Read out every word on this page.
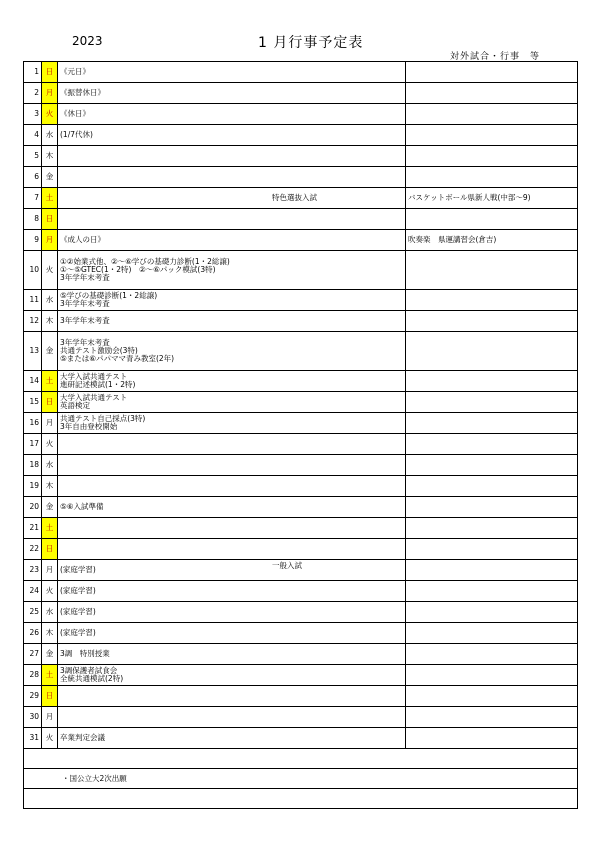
2023	1 月行事予定表
対外試合・行事　等
1	日	《元日》	

2	月	《振替休日》	

3	火	《休日》	

4	水	(1/7代休)	

5	木		
6	金		
7	土	特色選抜入試	バスケットボール県新人戦(中部～9)
8	日		
9	月	《成人の日》	吹奏楽　県運講習会(倉吉)
10	火	①②始業式他、②～⑥学びの基礎力診断(1・2総譲)
①～⑤GTEC(1・2特)　②～⑥パック模試(3特)
3年学年末考査	

11	水	⑤学びの基礎診断(1・2総譲)
3年学年末考査	

12	木	3年学年末考査	

13	金	3年学年末考査
共通テスト激励会(3特)
⑤または⑥パパママ青み教室(2年)	

14	土	大学入試共通テスト
進研記述模試(1・2特)	

15	日	大学入試共通テスト
英語検定	

16	月	共通テスト自己採点(3特)
3年自由登校開始	

17	火		
18	水		
19	木		
20	金	⑤⑥入試準備	

21	土		
22	日		
23	月	一般入試
(家庭学習)	

24	火	(家庭学習)	

25	水	(家庭学習)	

26	木	(家庭学習)	

27	金	3調　特別授業	

28	土	3調保護者試食会
全統共通模試(2特)	

29	日		
30	月		
31	火	卒業判定会議	

・国公立大2次出願			
